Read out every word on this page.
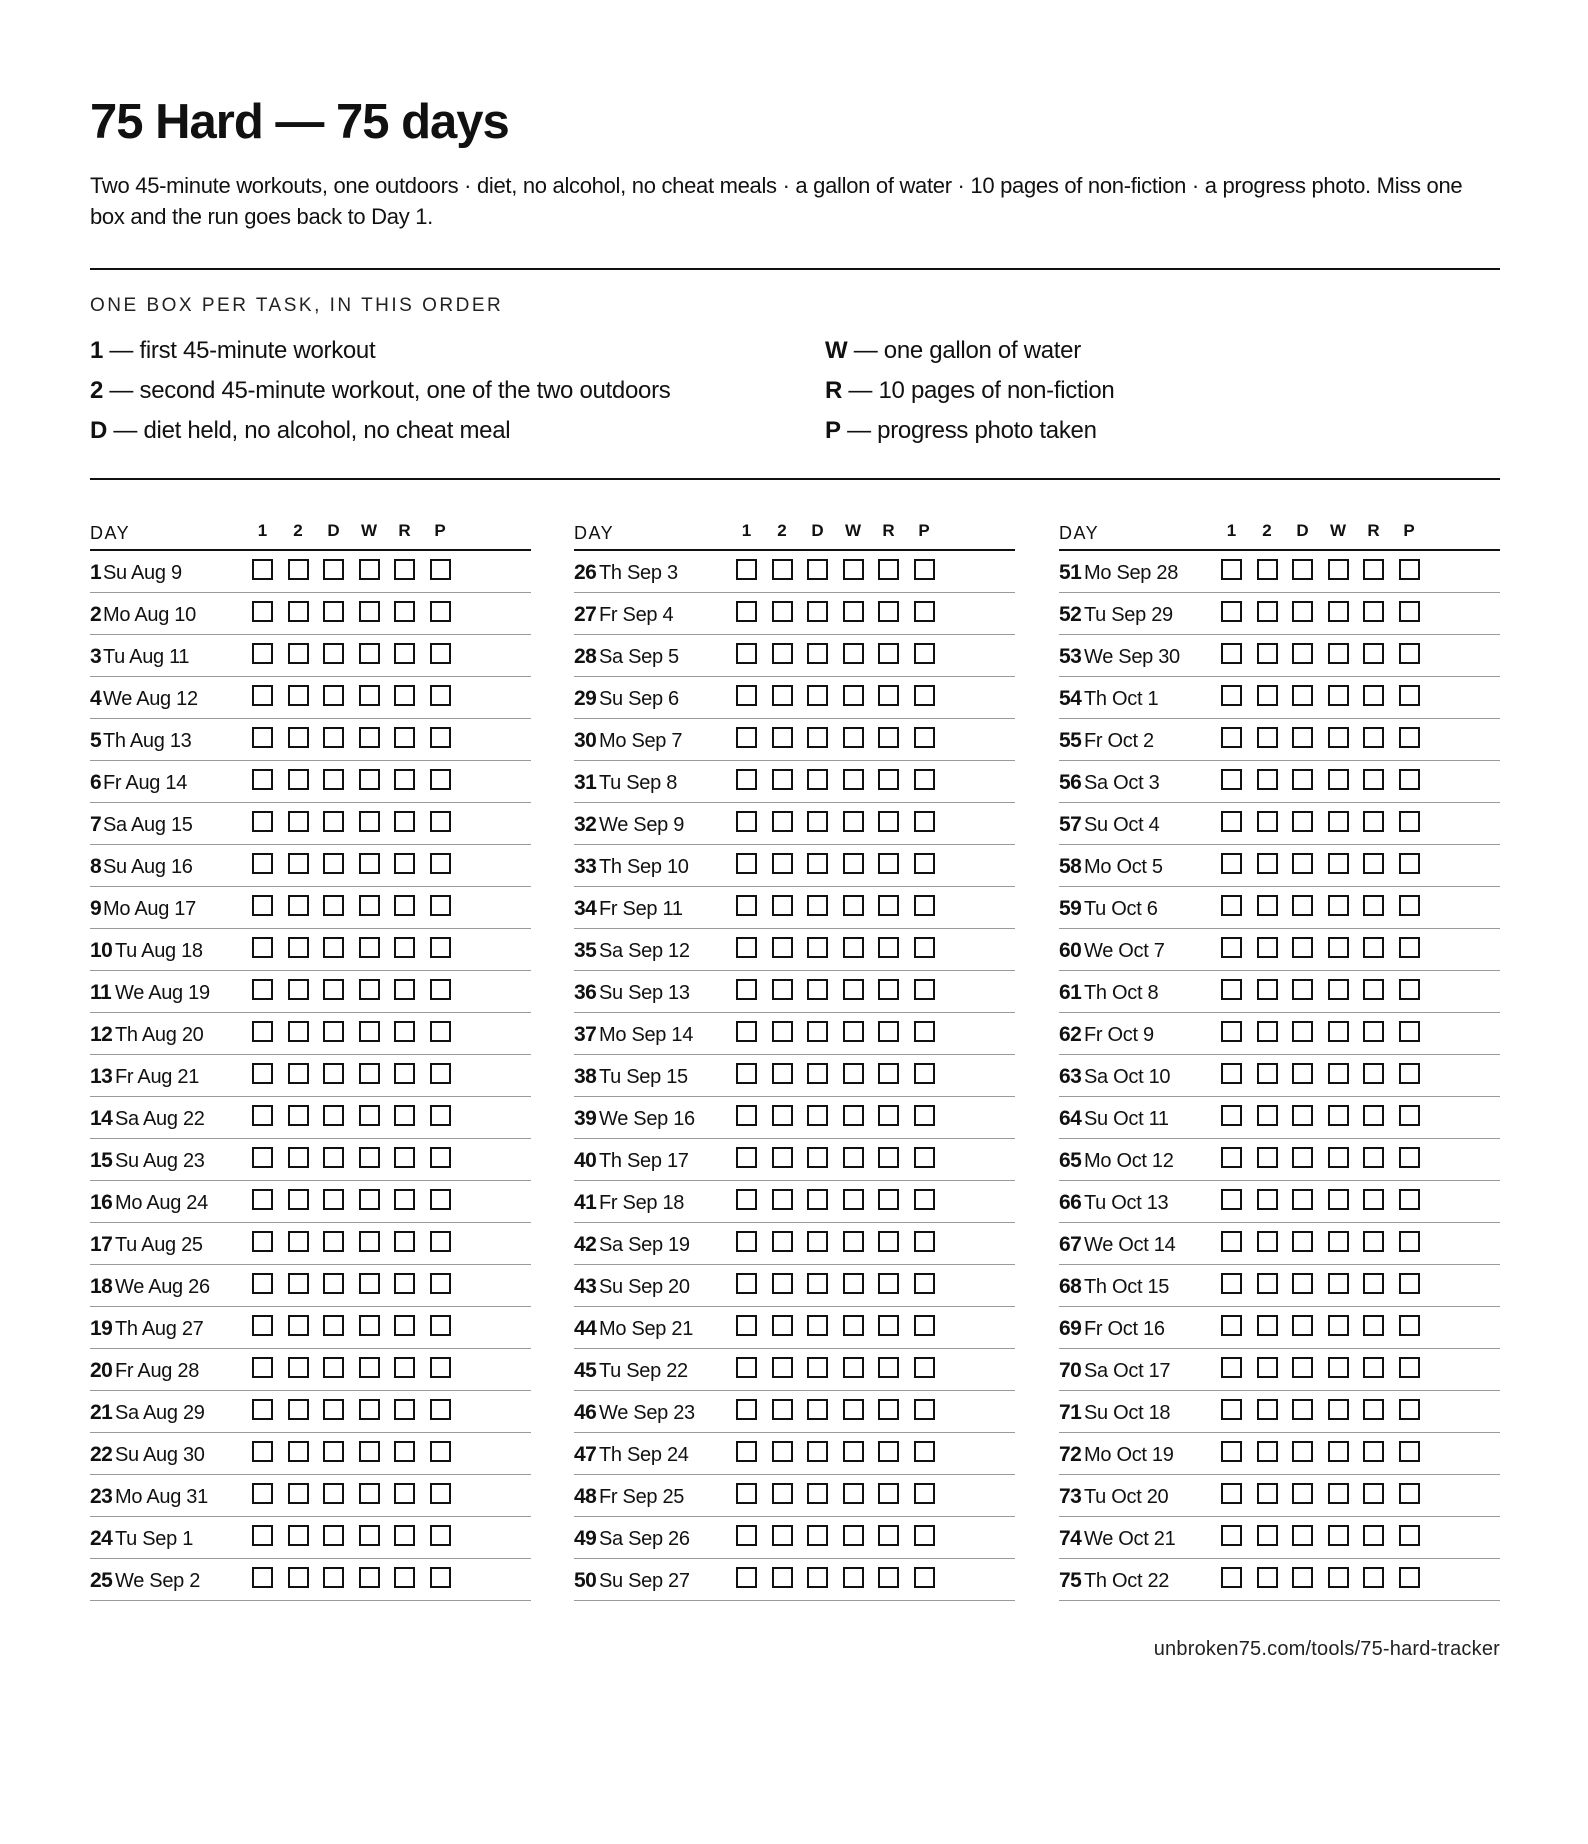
75 Hard — 75 days

Two 45-minute workouts, one outdoors · diet, no alcohol, no cheat meals · a gallon of water · 10 pages of non-fiction · a progress photo. Miss one box and the run goes back to Day 1.

ONE BOX PER TASK, IN THIS ORDER
1 — first 45-minute workout
2 — second 45-minute workout, one of the two outdoors
D — diet held, no alcohol, no cheat meal
W — one gallon of water
R — 10 pages of non-fiction
P — progress photo taken
DAY	1	2	D	W	R	P
1 Su Aug 9
2 Mo Aug 10
3 Tu Aug 11
4 We Aug 12
5 Th Aug 13
6 Fr Aug 14
7 Sa Aug 15
8 Su Aug 16
9 Mo Aug 17
10 Tu Aug 18
11 We Aug 19
12 Th Aug 20
13 Fr Aug 21
14 Sa Aug 22
15 Su Aug 23
16 Mo Aug 24
17 Tu Aug 25
18 We Aug 26
19 Th Aug 27
20 Fr Aug 28
21 Sa Aug 29
22 Su Aug 30
23 Mo Aug 31
24 Tu Sep 1
25 We Sep 2
DAY	1	2	D	W	R	P
26 Th Sep 3
27 Fr Sep 4
28 Sa Sep 5
29 Su Sep 6
30 Mo Sep 7
31 Tu Sep 8
32 We Sep 9
33 Th Sep 10
34 Fr Sep 11
35 Sa Sep 12
36 Su Sep 13
37 Mo Sep 14
38 Tu Sep 15
39 We Sep 16
40 Th Sep 17
41 Fr Sep 18
42 Sa Sep 19
43 Su Sep 20
44 Mo Sep 21
45 Tu Sep 22
46 We Sep 23
47 Th Sep 24
48 Fr Sep 25
49 Sa Sep 26
50 Su Sep 27
DAY	1	2	D	W	R	P
51 Mo Sep 28
52 Tu Sep 29
53 We Sep 30
54 Th Oct 1
55 Fr Oct 2
56 Sa Oct 3
57 Su Oct 4
58 Mo Oct 5
59 Tu Oct 6
60 We Oct 7
61 Th Oct 8
62 Fr Oct 9
63 Sa Oct 10
64 Su Oct 11
65 Mo Oct 12
66 Tu Oct 13
67 We Oct 14
68 Th Oct 15
69 Fr Oct 16
70 Sa Oct 17
71 Su Oct 18
72 Mo Oct 19
73 Tu Oct 20
74 We Oct 21
75 Th Oct 22
unbroken75.com/tools/75-hard-tracker
